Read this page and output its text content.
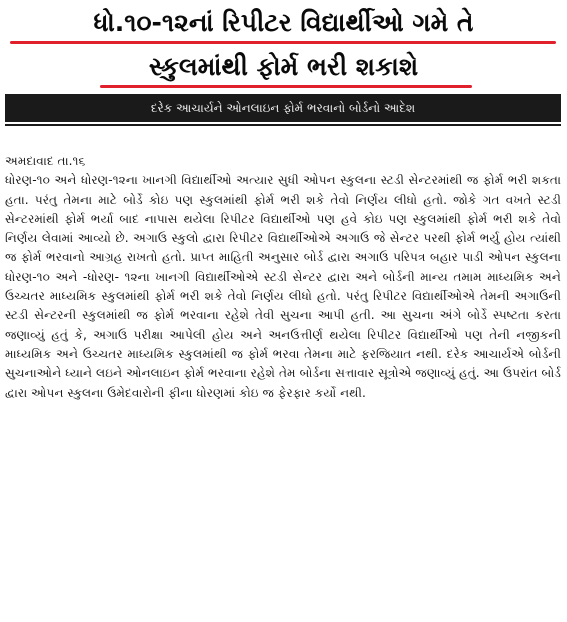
ધો.૧૦-૧૨નાં રિપીટર વિદ્યાર્થીઓ ગમે તે
સ્કુલમાંથી ફોર્મ ભરી શકાશે
દરેક આચાર્યને ઓનલાઇન ફોર્મ ભરવાનો બોર્ડનો આદેશ

અમદાવાદ તા.૧૬

ધોરણ-૧૦ અને ધોરણ-૧૨ના ખાનગી વિદ્યાર્થીઓ અત્યાર સુધી ઓપન સ્કુલના સ્ટડી સેન્ટરમાંથી જ ફોર્મ ભરી શકતા હતા. પરંતુ તેમના માટે બોર્ડે કોઇ પણ સ્કુલમાંથી ફોર્મ ભરી શકે તેવો નિર્ણય લીધો હતો. જોકે ગત વખતે સ્ટડી સેન્ટરમાંથી ફોર્મ ભર્યા બાદ નાપાસ થયેલા રિપીટર વિદ્યાર્થીઓ પણ હવે કોઇ પણ સ્કુલમાંથી ફોર્મ ભરી શકે તેવો નિર્ણય લેવામાં આવ્યો છે. અગાઉ સ્કુલો દ્વારા રિપીટર વિદ્યાર્થીઓએ અગાઉ જે સેન્ટર પરથી ફોર્મ ભર્યુ હોય ત્યાંથી જ ફોર્મ ભરવાનો આગ્રહ રાખતો હતો. પ્રાપ્ત માહિતી અનુસાર બોર્ડ દ્વારા અગાઉ પરિપત્ર બહાર પાડી ઓપન સ્કુલના ધોરણ-૧૦ અને -ધોરણ- ૧૨ના ખાનગી વિદ્યાર્થીઓએ સ્ટડી સેન્ટર દ્વારા અને બોર્ડની માન્ય તમામ માધ્યમિક અને ઉચ્ચતર માધ્યમિક સ્કુલમાંથી ફોર્મ ભરી શકે તેવો નિર્ણય લીધો હતો. પરંતુ રિપીટર વિદ્યાર્થીઓએ તેમની અગાઉની સ્ટડી સેન્ટરની સ્કુલમાંથી જ ફોર્મ ભરવાના રહેશે તેવી સુચના આપી હતી. આ સુચના અંગે બોર્ડે સ્પષ્ટતા કરતા જણાવ્યું હતું કે, અગાઉ પરીક્ષા આપેલી હોય અને અનઉત્તીર્ણ થયેલા રિપીટર વિદ્યાર્થીઓ પણ તેની નજીકની માધ્યમિક અને ઉચ્ચતર માધ્યમિક સ્કુલમાંથી જ ફોર્મ ભરવા તેમના માટે ફરજિયાત નથી. દરેક આચાર્યએ બોર્ડની સુચનાઓને ધ્યાને લઇને ઓનલાઇન ફોર્મ ભરવાના રહેશે તેમ બોર્ડના સત્તાવાર સૂત્રોએ જણાવ્યું હતું. આ ઉપરાંત બોર્ડ દ્વારા ઓપન સ્કુલના ઉમેદવારોની ફીના ધોરણમાં કોઇ જ ફેરફાર કર્યો નથી.
